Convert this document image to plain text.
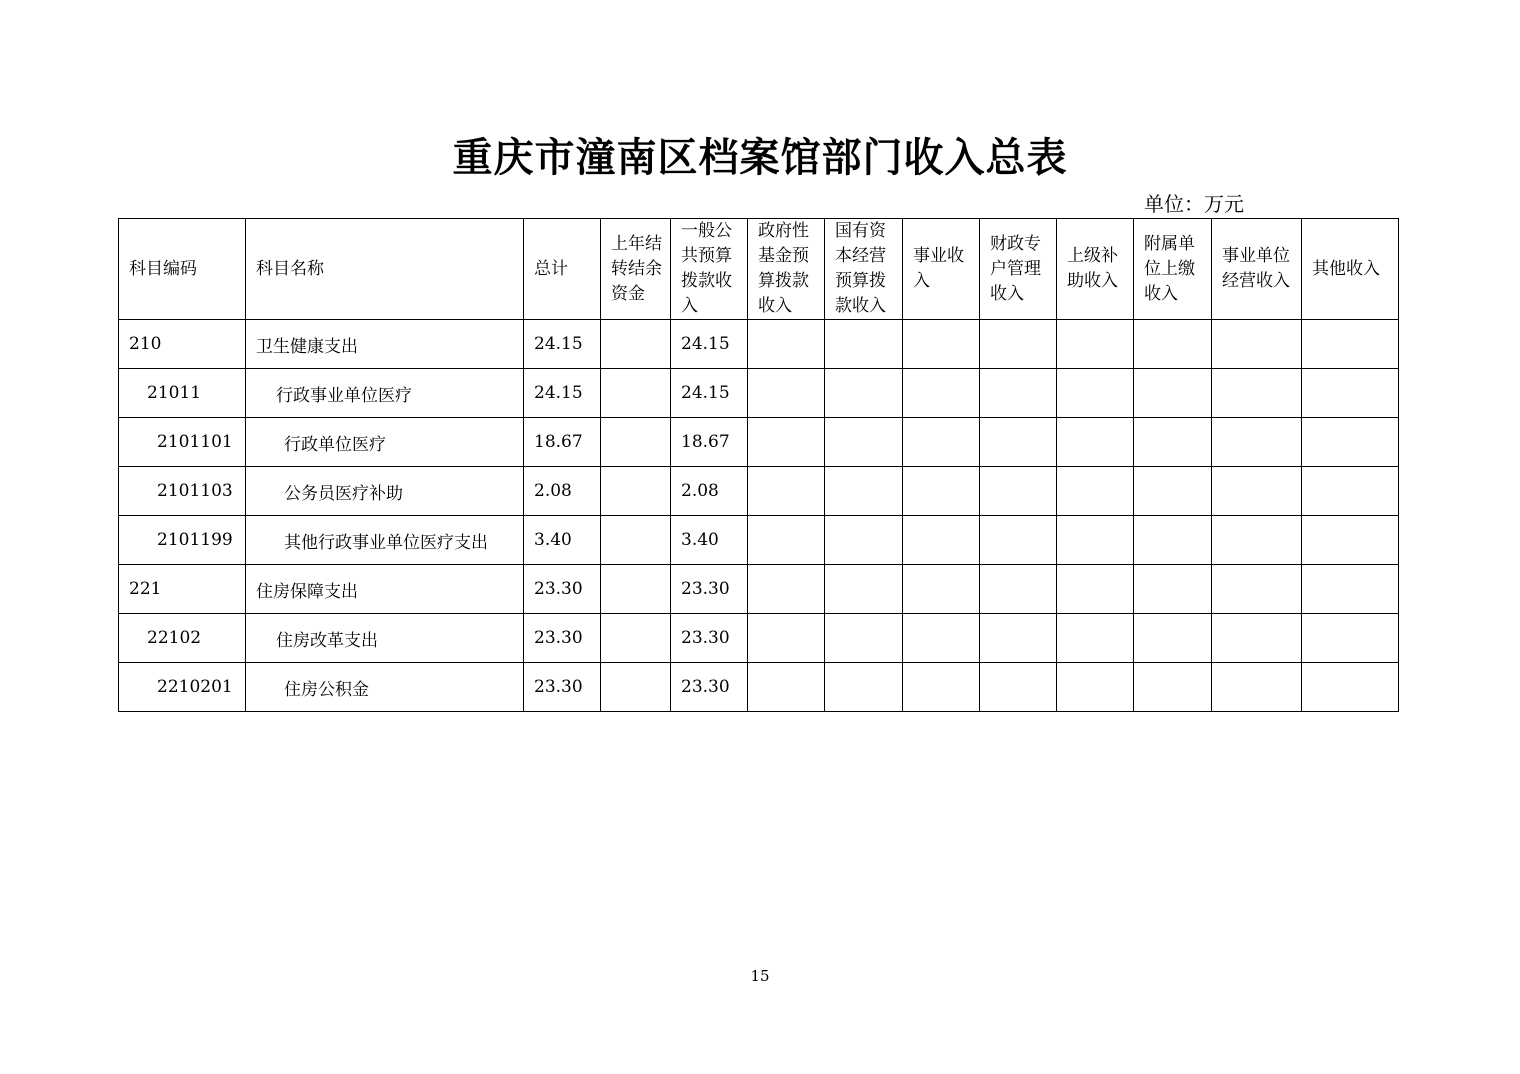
重庆市潼南区档案馆部门收入总表
单位：万元
科目编码	科目名称	总计	上年结转结余资金	一般公共预算拨款收入	政府性基金预算拨款收入	国有资本经营预算拨款收入	事业收入	财政专户管理收入	上级补助收入	附属单位上缴收入	事业单位经营收入	其他收入
210	卫生健康支出	24.15		24.15								
21011	行政事业单位医疗	24.15		24.15								
2101101	行政单位医疗	18.67		18.67								
2101103	公务员医疗补助	2.08		2.08								
2101199	其他行政事业单位医疗支出	3.40		3.40								
221	住房保障支出	23.30		23.30								
22102	住房改革支出	23.30		23.30								
2210201	住房公积金	23.30		23.30								
15
